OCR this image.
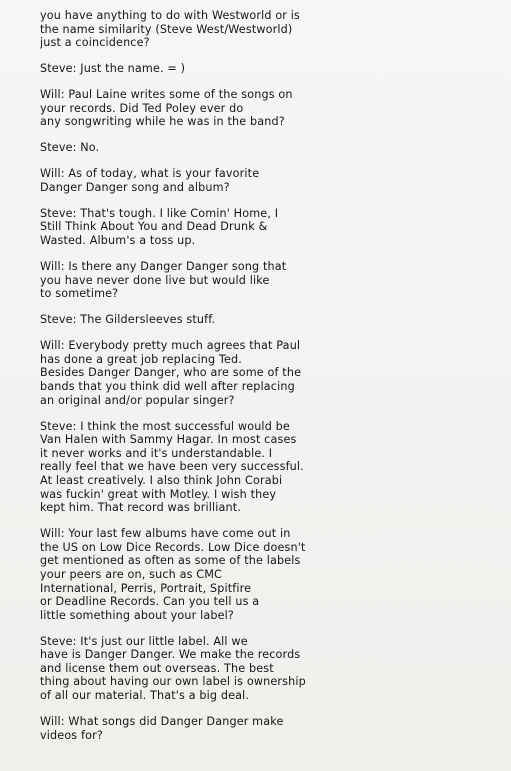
you have anything to do with Westworld or is
the name similarity (Steve West/Westworld)
just a coincidence?
Steve: Just the name. = )
Will: Paul Laine writes some of the songs on
your records. Did Ted Poley ever do
any songwriting while he was in the band?
Steve: No.
Will: As of today, what is your favorite
Danger Danger song and album?
Steve: That's tough. I like Comin' Home, I
Still Think About You and Dead Drunk &
Wasted. Album's a toss up.
Will: Is there any Danger Danger song that
you have never done live but would like
to sometime?
Steve: The Gildersleeves stuff.
Will: Everybody pretty much agrees that Paul
has done a great job replacing Ted.
Besides Danger Danger, who are some of the
bands that you think did well after replacing
an original and/or popular singer?
Steve: I think the most successful would be
Van Halen with Sammy Hagar. In most cases
it never works and it's understandable. I
really feel that we have been very successful.
At least creatively. I also think John Corabi
was fuckin' great with Motley. I wish they
kept him. That record was brilliant.
Will: Your last few albums have come out in
the US on Low Dice Records. Low Dice doesn't
get mentioned as often as some of the labels
your peers are on, such as CMC
International, Perris, Portrait, Spitfire
or Deadline Records. Can you tell us a
little something about your label?
Steve: It's just our little label. All we
have is Danger Danger. We make the records
and license them out overseas. The best
thing about having our own label is ownership
of all our material. That's a big deal.
Will: What songs did Danger Danger make
videos for?
